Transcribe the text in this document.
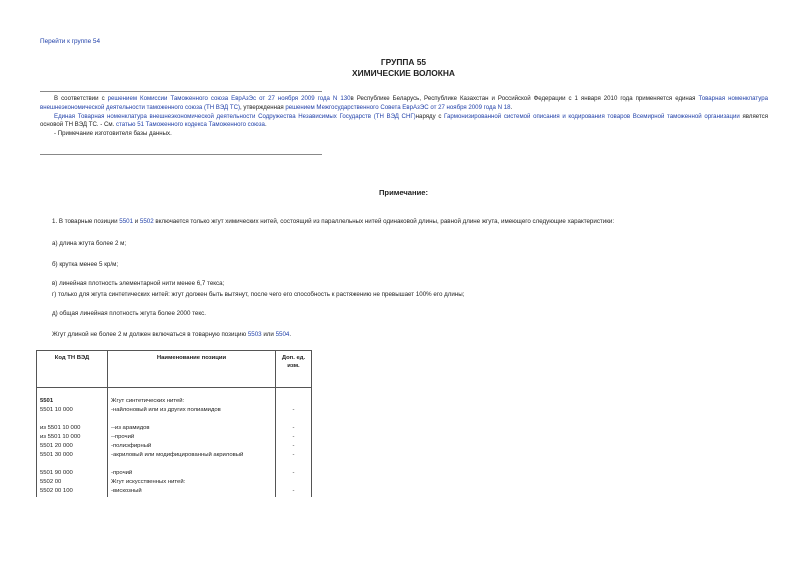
Перейти к группе 54
ГРУППА 55
ХИМИЧЕСКИЕ ВОЛОКНА

В соответствии с решением Комиссии Таможенного союза ЕврАзЭс от 27 ноября 2009 года N 130в Республике Беларусь, Республике Казахстан и Российской Федерации с 1 января 2010 года применяется единая Товарная номенклатура внешнеэкономической деятельности таможенного союза (ТН ВЭД ТС), утвержденная решением Межгосударственного Совета ЕврАзЭС от 27 ноября 2009 года N 18.

Единая Товарная номенклатура внешнеэкономической деятельности Содружества Независимых Государств (ТН ВЭД СНГ)наряду с Гармонизированной системой описания и кодирования товаров Всемирной таможенной организации является основой ТН ВЭД ТС. - См. статью 51 Таможенного кодекса Таможенного союза.

- Примечание изготовителя базы данных.

Примечание:
1. В товарные позиции 5501 и 5502 включается только жгут химических нитей, состоящий из параллельных нитей одинаковой длины, равной длине жгута, имеющего следующие характеристики:
а) длина жгута более 2 м;
б) крутка менее 5 кр/м;
в) линейная плотность элементарной нити менее 6,7 текса;
г) только для жгута синтетических нитей: жгут должен быть вытянут, после чего его способность к растяжению не превышает 100% его длины;
д) общая линейная плотность жгута более 2000 текс.
Жгут длиной не более 2 м должен включаться в товарную позицию 5503 или 5504.
Код ТН ВЭД	Наименование позиции	Доп. ед. изм.

5501	Жгут синтетических нитей:	
5501 10 000	-найлоновый или из других полиамидов	-
из 5501 10 000	--из арамидов	-
из 5501 10 000	--прочий	-
5501 20 000	-полиэфирный	-
5501 30 000	-акриловый или модифицированный акриловый	-
5501 90 000	-прочий	-
5502 00	Жгут искусственных нитей:	
5502 00 100	-вискозный	-
